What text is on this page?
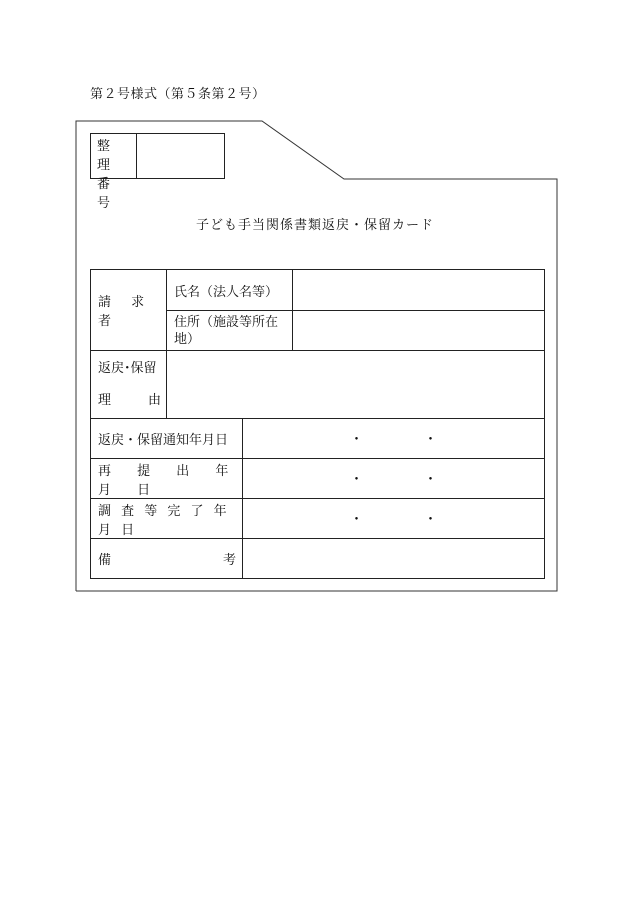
第２号様式（第５条第２号）
整 理
番 号
子ども手当関係書類返戻・保留カード
請 求 者	氏名（法人名等）		

	住所（施設等所在
地）		

返戻･保留
理 由			

返戻・保留通知年月日		・ ・	

再 提 出 年 月 日		・ ・	

調 査 等 完 了 年 月 日		・ ・	

備 考			
